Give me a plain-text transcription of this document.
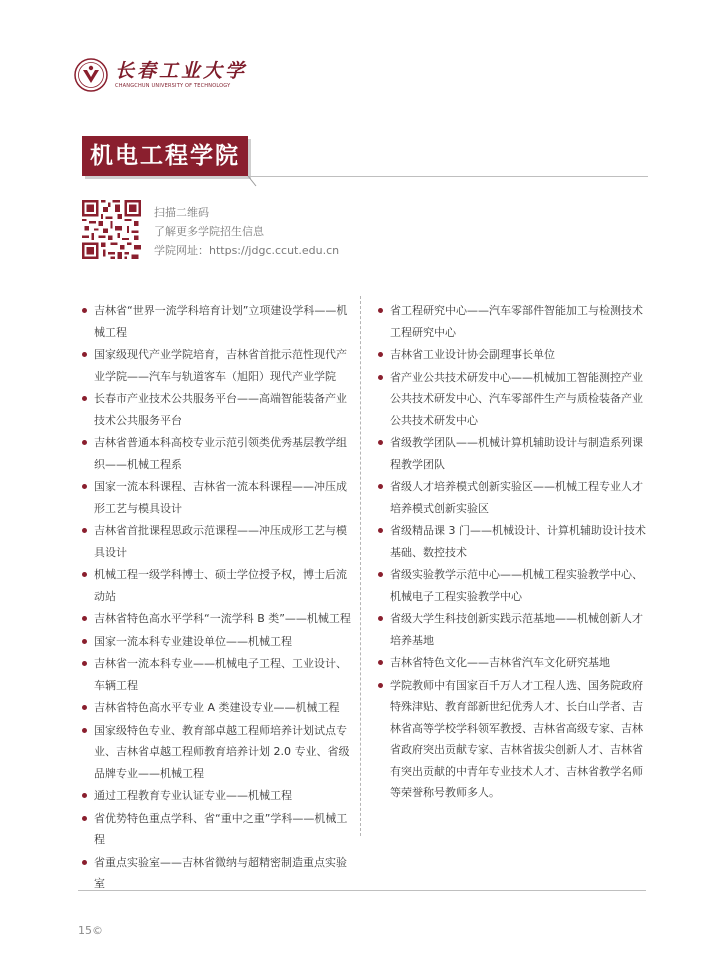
长春工业大学
CHANGCHUN UNIVERSITY OF TECHNOLOGY
机电工程学院
扫描二维码
了解更多学院招生信息
学院网址：https://jdgc.ccut.edu.cn
吉林省“世界一流学科培育计划”立项建设学科——机械工程
国家级现代产业学院培育，吉林省首批示范性现代产业学院——汽车与轨道客车（旭阳）现代产业学院
长春市产业技术公共服务平台——高端智能装备产业技术公共服务平台
吉林省普通本科高校专业示范引领类优秀基层教学组织——机械工程系
国家一流本科课程、吉林省一流本科课程——冲压成形工艺与模具设计
吉林省首批课程思政示范课程——冲压成形工艺与模具设计
机械工程一级学科博士、硕士学位授予权，博士后流动站
吉林省特色高水平学科“一流学科 B 类”——机械工程
国家一流本科专业建设单位——机械工程
吉林省一流本科专业——机械电子工程、工业设计、车辆工程
吉林省特色高水平专业 A 类建设专业——机械工程
国家级特色专业、教育部卓越工程师培养计划试点专业、吉林省卓越工程师教育培养计划 2.0 专业、省级品牌专业——机械工程
通过工程教育专业认证专业——机械工程
省优势特色重点学科、省“重中之重”学科——机械工程
省重点实验室——吉林省微纳与超精密制造重点实验室
省工程研究中心——汽车零部件智能加工与检测技术工程研究中心
吉林省工业设计协会副理事长单位
省产业公共技术研发中心——机械加工智能测控产业公共技术研发中心、汽车零部件生产与质检装备产业公共技术研发中心
省级教学团队——机械计算机辅助设计与制造系列课程教学团队
省级人才培养模式创新实验区——机械工程专业人才培养模式创新实验区
省级精品课 3 门——机械设计、计算机辅助设计技术基础、数控技术
省级实验教学示范中心——机械工程实验教学中心、机械电子工程实验教学中心
省级大学生科技创新实践示范基地——机械创新人才培养基地
吉林省特色文化——吉林省汽车文化研究基地
学院教师中有国家百千万人才工程人选、国务院政府特殊津贴、教育部新世纪优秀人才、长白山学者、吉林省高等学校学科领军教授、吉林省高级专家、吉林省政府突出贡献专家、吉林省拔尖创新人才、吉林省有突出贡献的中青年专业技术人才、吉林省教学名师等荣誉称号教师多人。
15©
